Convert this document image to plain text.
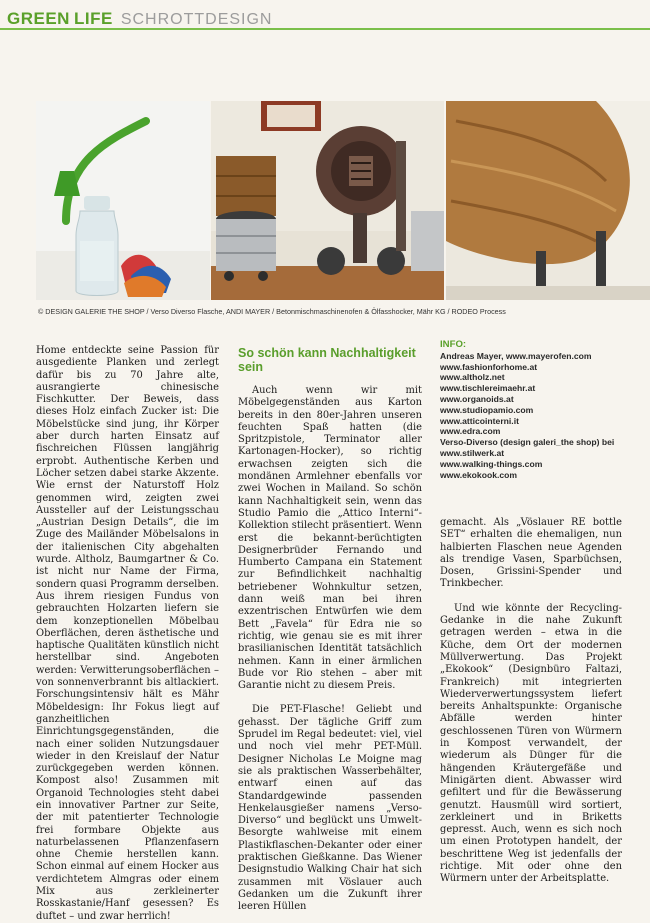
GREEN LIFE SCHROTTDESIGN
© DESIGN GALERIE THE SHOP / Verso Diverso Flasche, ANDI MAYER / Betonmischmaschinenofen & Ölfasshocker, Mähr KG / RODEO Process

Home entdeckte seine Passion für ausgediente Planken und zerlegt dafür bis zu 70 Jahre alte, ausrangierte chinesische Fischkutter. Der Beweis, dass dieses Holz einfach Zucker ist: Die Möbelstücke sind jung, ihr Körper aber durch harten Einsatz auf fischreichen Flüssen langjährig erprobt. Authentische Kerben und Löcher setzen dabei starke Akzente. Wie ernst der Naturstoff Holz genommen wird, zeigten zwei Aussteller auf der Leistungsschau „Austrian Design Details“, die im Zuge des Mailänder Möbelsalons in der italienischen City abgehalten wurde. Altholz, Baumgartner & Co. ist nicht nur Name der Firma, sondern quasi Programm derselben. Aus ihrem riesigen Fundus von gebrauchten Holzarten liefern sie dem konzeptionellen Möbelbau Oberflächen, deren ästhetische und haptische Qualitäten künstlich nicht herstellbar sind. Angeboten werden: Verwitterungsoberflächen – von sonnenverbrannt bis altlackiert. Forschungsintensiv hält es Mähr Möbeldesign: Ihr Fokus liegt auf ganzheitlichen Einrichtungsgegenständen, die nach einer soliden Nutzungsdauer wieder in den Kreislauf der Natur zurückgegeben werden können. Kompost also! Zusammen mit Organoid Technologies steht dabei ein innovativer Partner zur Seite, der mit patentierter Technologie frei formbare Objekte aus naturbelassenen Pflanzenfasern ohne Chemie herstellen kann. Schon einmal auf einem Hocker aus verdichtetem Almgras oder einem Mix aus zerkleinerter Rosskastanie/Hanf gesessen? Es duftet – und zwar herrlich!

So schön kann Nachhaltigkeit sein

Auch wenn wir mit Möbelgegenständen aus Karton bereits in den 80er-Jahren unseren feuchten Spaß hatten (die Spritzpistole, Terminator aller Kartonagen-Hocker), so richtig erwachsen zeigten sich die mondänen Armlehner ebenfalls vor zwei Wochen in Mailand. So schön kann Nachhaltigkeit sein, wenn das Studio Pamio die „Attico Interni“-Kollektion stilecht präsentiert. Wenn erst die bekannt-berüchtigten Designerbrüder Fernando und Humberto Campana ein Statement zur Befindlichkeit nachhaltig betriebener Wohnkultur setzen, dann weiß man bei ihren exzentrischen Entwürfen wie dem Bett „Favela“ für Edra nie so richtig, wie genau sie es mit ihrer brasilianischen Identität tatsächlich nehmen. Kann in einer ärmlichen Bude vor Rio stehen – aber mit Garantie nicht zu diesem Preis.

Die PET-Flasche! Geliebt und gehasst. Der tägliche Griff zum Sprudel im Regal bedeutet: viel, viel und noch viel mehr PET-Müll. Designer Nicholas Le Moigne mag sie als praktischen Wasserbehälter, entwarf einen auf das Standardgewinde passenden Henkelausgießer namens „Verso-Diverso“ und beglückt uns Umwelt-Besorgte wahlweise mit einem Plastikflaschen-Dekanter oder einer praktischen Gießkanne. Das Wiener Designstudio Walking Chair hat sich zusammen mit Vöslauer auch Gedanken um die Zukunft ihrer leeren Hüllen

INFO:
Andreas Mayer, www.mayerofen.com
www.fashionforhome.at
www.altholz.net
www.tischlereimaehr.at
www.organoids.at
www.studiopamio.com
www.atticointerni.it
www.edra.com
Verso-Diverso (design galeri_the shop) bei
www.stilwerk.at
www.walking-things.com
www.ekokook.com

gemacht. Als „Vöslauer RE bottle SET“ erhalten die ehemaligen, nun halbierten Flaschen neue Agenden als trendige Vasen, Sparbüchsen, Dosen, Grissini-Spender und Trinkbecher.

Und wie könnte der Recycling-Gedanke in die nahe Zukunft getragen werden – etwa in die Küche, dem Ort der modernen Müllverwertung. Das Projekt „Ekokook“ (Designbüro Faltazi, Frankreich) mit integrierten Wiederverwertungssystem liefert bereits Anhaltspunkte: Organische Abfälle werden hinter geschlossenen Türen von Würmern in Kompost verwandelt, der wiederum als Dünger für die hängenden Kräutergefäße und Minigärten dient. Abwasser wird gefiltert und für die Bewässerung genutzt. Hausmüll wird sortiert, zerkleinert und in Briketts gepresst. Auch, wenn es sich noch um einen Prototypen handelt, der beschrittene Weg ist jedenfalls der richtige. Mit oder ohne den Würmern unter der Arbeitsplatte.
